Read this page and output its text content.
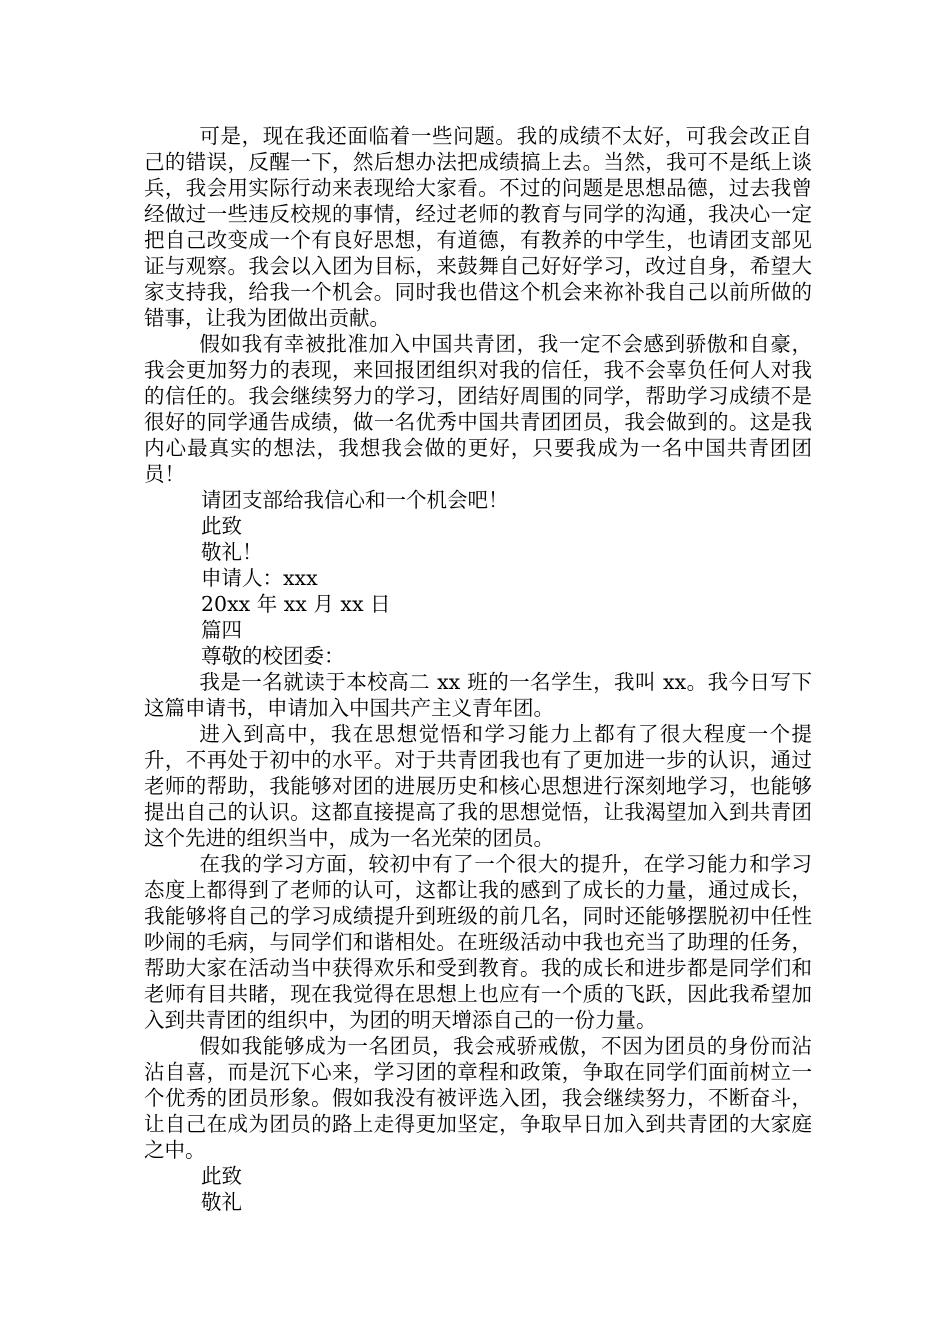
可是，现在我还面临着一些问题。我的成绩不太好，可我会改正自己的错误，反醒一下，然后想办法把成绩搞上去。当然，我可不是纸上谈兵，我会用实际行动来表现给大家看。不过的问题是思想品德，过去我曾经做过一些违反校规的事情，经过老师的教育与同学的沟通，我决心一定把自己改变成一个有良好思想，有道德，有教养的中学生，也请团支部见证与观察。我会以入团为目标，来鼓舞自己好好学习，改过自身，希望大家支持我，给我一个机会。同时我也借这个机会来祢补我自己以前所做的错事，让我为团做出贡献。

假如我有幸被批准加入中国共青团，我一定不会感到骄傲和自豪，我会更加努力的表现，来回报团组织对我的信任，我不会辜负任何人对我的信任的。我会继续努力的学习，团结好周围的同学，帮助学习成绩不是很好的同学通告成绩，做一名优秀中国共青团团员，我会做到的。这是我内心最真实的想法，我想我会做的更好，只要我成为一名中国共青团团员！

请团支部给我信心和一个机会吧！

此致

敬礼！

申请人：xxx

20xx 年 xx 月 xx 日

篇四

尊敬的校团委：

我是一名就读于本校高二 xx 班的一名学生，我叫 xx。我今日写下这篇申请书，申请加入中国共产主义青年团。

进入到高中，我在思想觉悟和学习能力上都有了很大程度一个提升，不再处于初中的水平。对于共青团我也有了更加进一步的认识，通过老师的帮助，我能够对团的进展历史和核心思想进行深刻地学习，也能够提出自己的认识。这都直接提高了我的思想觉悟，让我渴望加入到共青团这个先进的组织当中，成为一名光荣的团员。

在我的学习方面，较初中有了一个很大的提升，在学习能力和学习态度上都得到了老师的认可，这都让我的感到了成长的力量，通过成长，我能够将自己的学习成绩提升到班级的前几名，同时还能够摆脱初中任性吵闹的毛病，与同学们和谐相处。在班级活动中我也充当了助理的任务，帮助大家在活动当中获得欢乐和受到教育。我的成长和进步都是同学们和老师有目共睹，现在我觉得在思想上也应有一个质的飞跃，因此我希望加入到共青团的组织中，为团的明天增添自己的一份力量。

假如我能够成为一名团员，我会戒骄戒傲，不因为团员的身份而沾沾自喜，而是沉下心来，学习团的章程和政策，争取在同学们面前树立一个优秀的团员形象。假如我没有被评选入团，我会继续努力，不断奋斗，让自己在成为团员的路上走得更加坚定，争取早日加入到共青团的大家庭之中。

此致

敬礼
